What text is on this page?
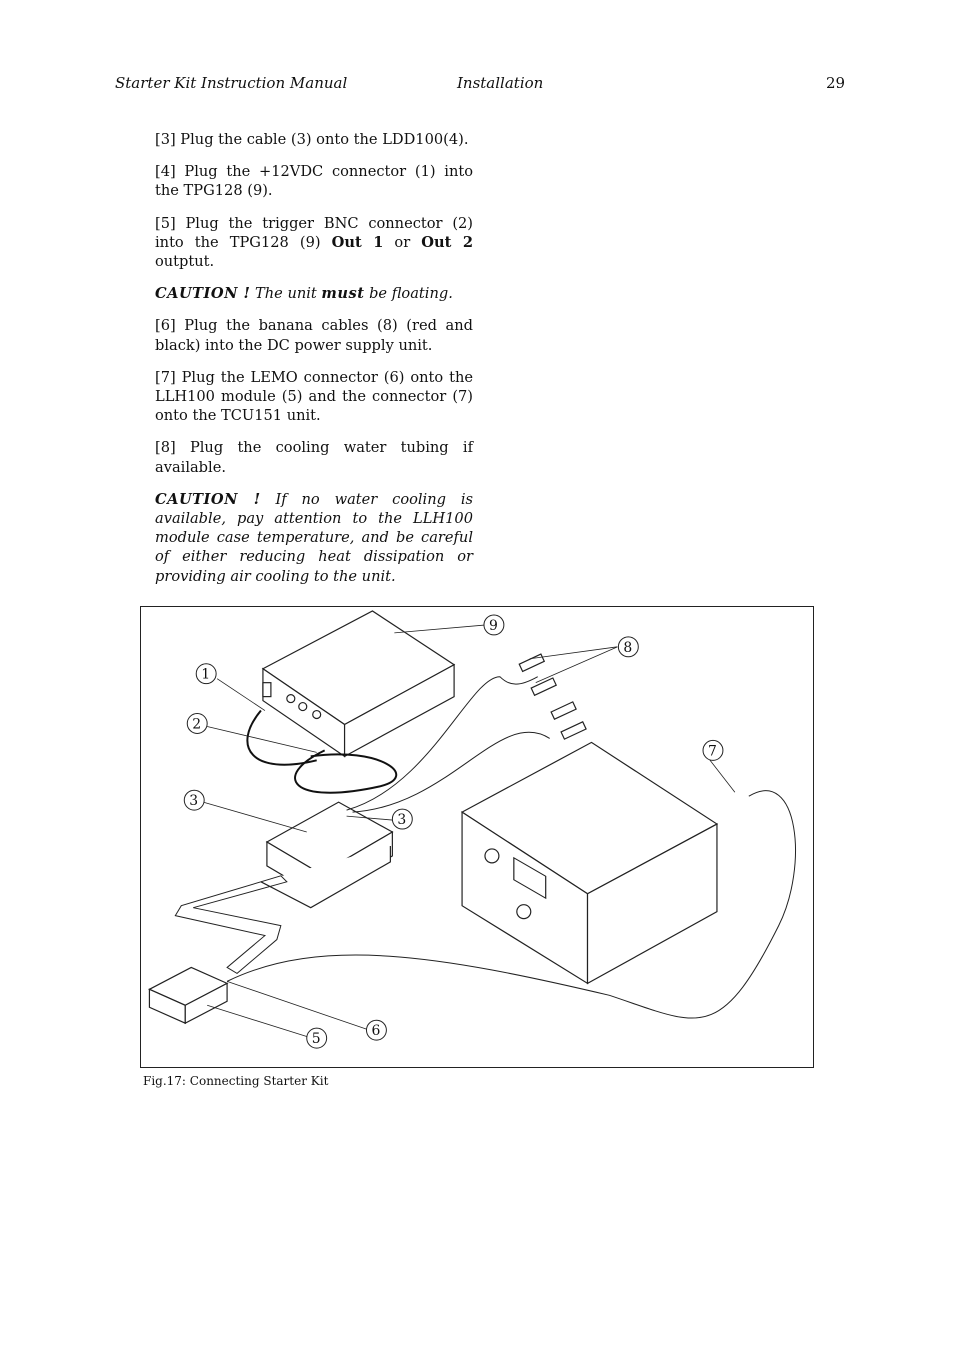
Starter Kit Instruction Manual	Installation	29

[3] Plug the cable (3) onto the LDD100(4).

[4] Plug the +12VDC connector (1) into the TPG128 (9).

[5] Plug the trigger BNC connector (2) into the TPG128 (9) Out 1 or Out 2 outptut.

CAUTION ! The unit must be floating.

[6] Plug the banana cables (8) (red and black) into the DC power supply unit.

[7] Plug the LEMO connector (6) onto the LLH100 module (5) and the connector (7) onto the TCU151 unit.

[8] Plug the cooling water tubing if available.

CAUTION ! If no water cooling is available, pay attention to the LLH100 module case temperature, and be careful of either reducing heat dissipation or providing air cooling to the unit.

9
8
1
2
7
3
3
6
5
Fig.17: Connecting Starter Kit
